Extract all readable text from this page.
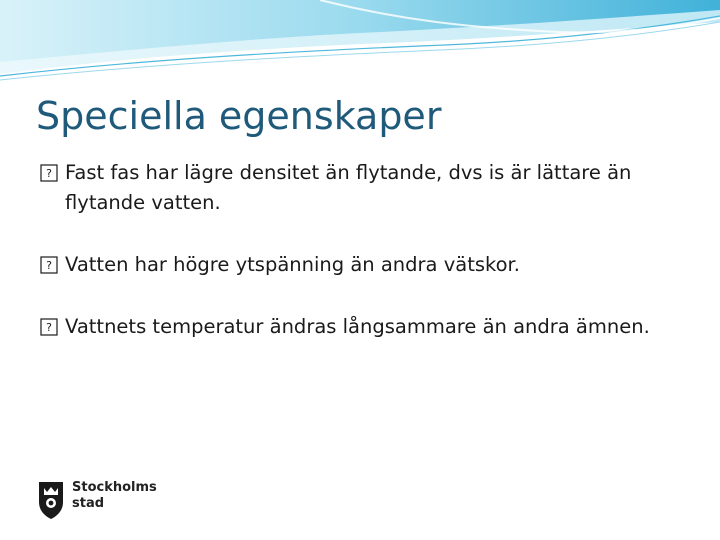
Speciella egenskaper
? Fast fas har lägre densitet än flytande, dvs is är lättare än flytande vatten.
? Vatten har högre ytspänning än andra vätskor.
? Vattnets temperatur ändras långsammare än andra ämnen.
Stockholms
stad
